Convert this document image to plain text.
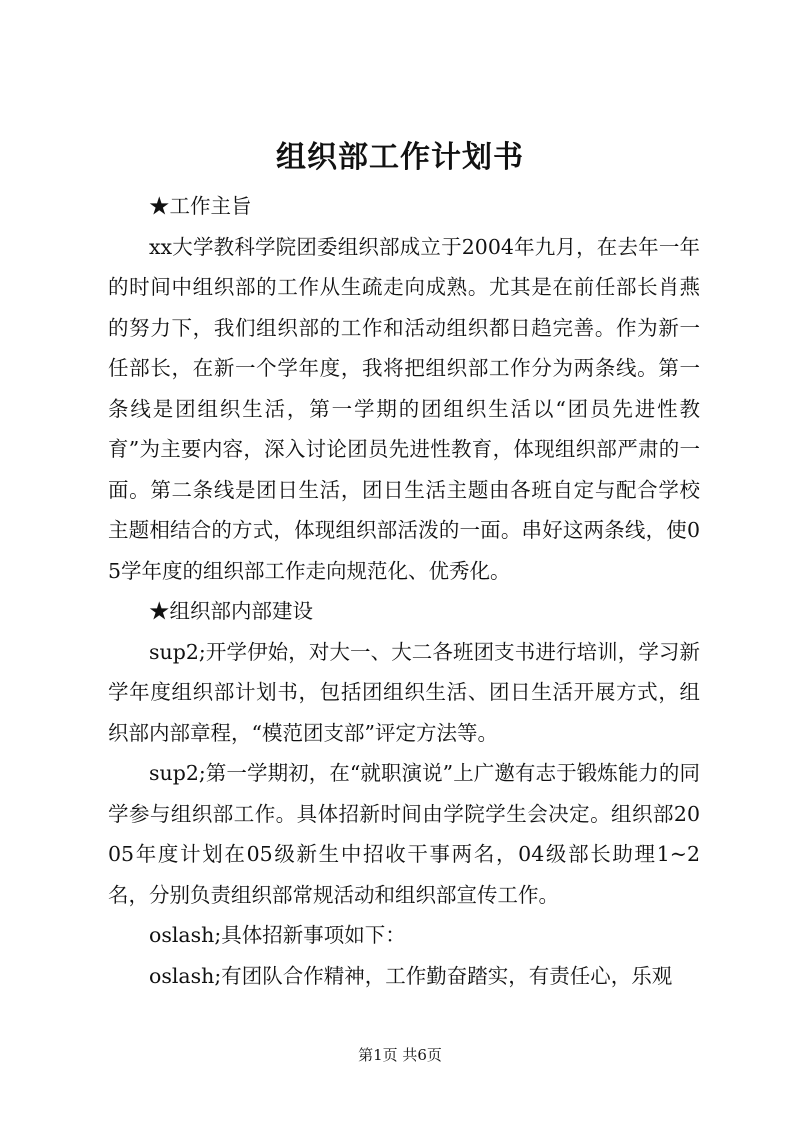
组织部工作计划书

★工作主旨

xx大学教科学院团委组织部成立于2004年九月，在去年一年的时间中组织部的工作从生疏走向成熟。尤其是在前任部长肖燕的努力下，我们组织部的工作和活动组织都日趋完善。作为新一任部长，在新一个学年度，我将把组织部工作分为两条线。第一条线是团组织生活，第一学期的团组织生活以“团员先进性教育”为主要内容，深入讨论团员先进性教育，体现组织部严肃的一面。第二条线是团日生活，团日生活主题由各班自定与配合学校主题相结合的方式，体现组织部活泼的一面。串好这两条线，使05学年度的组织部工作走向规范化、优秀化。

★组织部内部建设

sup2;开学伊始，对大一、大二各班团支书进行培训，学习新学年度组织部计划书，包括团组织生活、团日生活开展方式，组织部内部章程，“模范团支部”评定方法等。

sup2;第一学期初，在“就职演说”上广邀有志于锻炼能力的同学参与组织部工作。具体招新时间由学院学生会决定。组织部2005年度计划在05级新生中招收干事两名，04级部长助理1~2名，分别负责组织部常规活动和组织部宣传工作。

oslash;具体招新事项如下：

oslash;有团队合作精神，工作勤奋踏实，有责任心，乐观

第1页 共6页
